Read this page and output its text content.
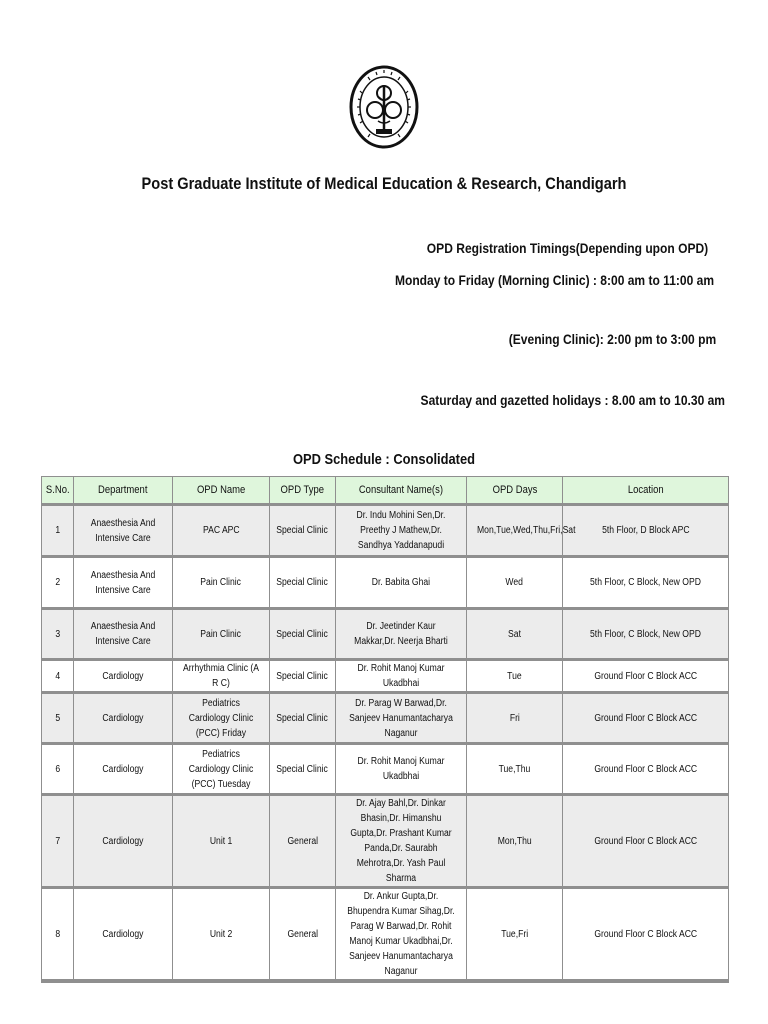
Post Graduate Institute of Medical Education & Research, Chandigarh
OPD Registration Timings(Depending upon OPD)
Monday to Friday (Morning Clinic) : 8:00 am to 11:00 am
(Evening Clinic): 2:00 pm to 3:00 pm
Saturday and gazetted holidays : 8.00 am to 10.30 am
OPD Schedule : Consolidated
S.No.	Department	OPD Name	OPD Type	Consultant Name(s)	OPD Days	Location
1	Anaesthesia And Intensive Care	PAC APC	Special Clinic	Dr. Indu Mohini Sen,Dr. Preethy J Mathew,Dr. Sandhya Yaddanapudi	Mon,Tue,Wed,Thu,Fri,Sat	5th Floor, D Block APC
2	Anaesthesia And Intensive Care	Pain Clinic	Special Clinic	Dr. Babita Ghai	Wed	5th Floor, C Block, New OPD
3	Anaesthesia And Intensive Care	Pain Clinic	Special Clinic	Dr. Jeetinder Kaur Makkar,Dr. Neerja Bharti	Sat	5th Floor, C Block, New OPD
4	Cardiology	Arrhythmia Clinic (A R C)	Special Clinic	Dr. Rohit Manoj Kumar Ukadbhai	Tue	Ground Floor C Block ACC
5	Cardiology	Pediatrics Cardiology Clinic (PCC) Friday	Special Clinic	Dr. Parag W Barwad,Dr. Sanjeev Hanumantacharya Naganur	Fri	Ground Floor C Block ACC
6	Cardiology	Pediatrics Cardiology Clinic (PCC) Tuesday	Special Clinic	Dr. Rohit Manoj Kumar Ukadbhai	Tue,Thu	Ground Floor C Block ACC
7	Cardiology	Unit 1	General	Dr. Ajay Bahl,Dr. Dinkar Bhasin,Dr. Himanshu Gupta,Dr. Prashant Kumar Panda,Dr. Saurabh Mehrotra,Dr. Yash Paul Sharma	Mon,Thu	Ground Floor C Block ACC
8	Cardiology	Unit 2	General	Dr. Ankur Gupta,Dr. Bhupendra Kumar Sihag,Dr. Parag W Barwad,Dr. Rohit Manoj Kumar Ukadbhai,Dr. Sanjeev Hanumantacharya Naganur	Tue,Fri	Ground Floor C Block ACC
